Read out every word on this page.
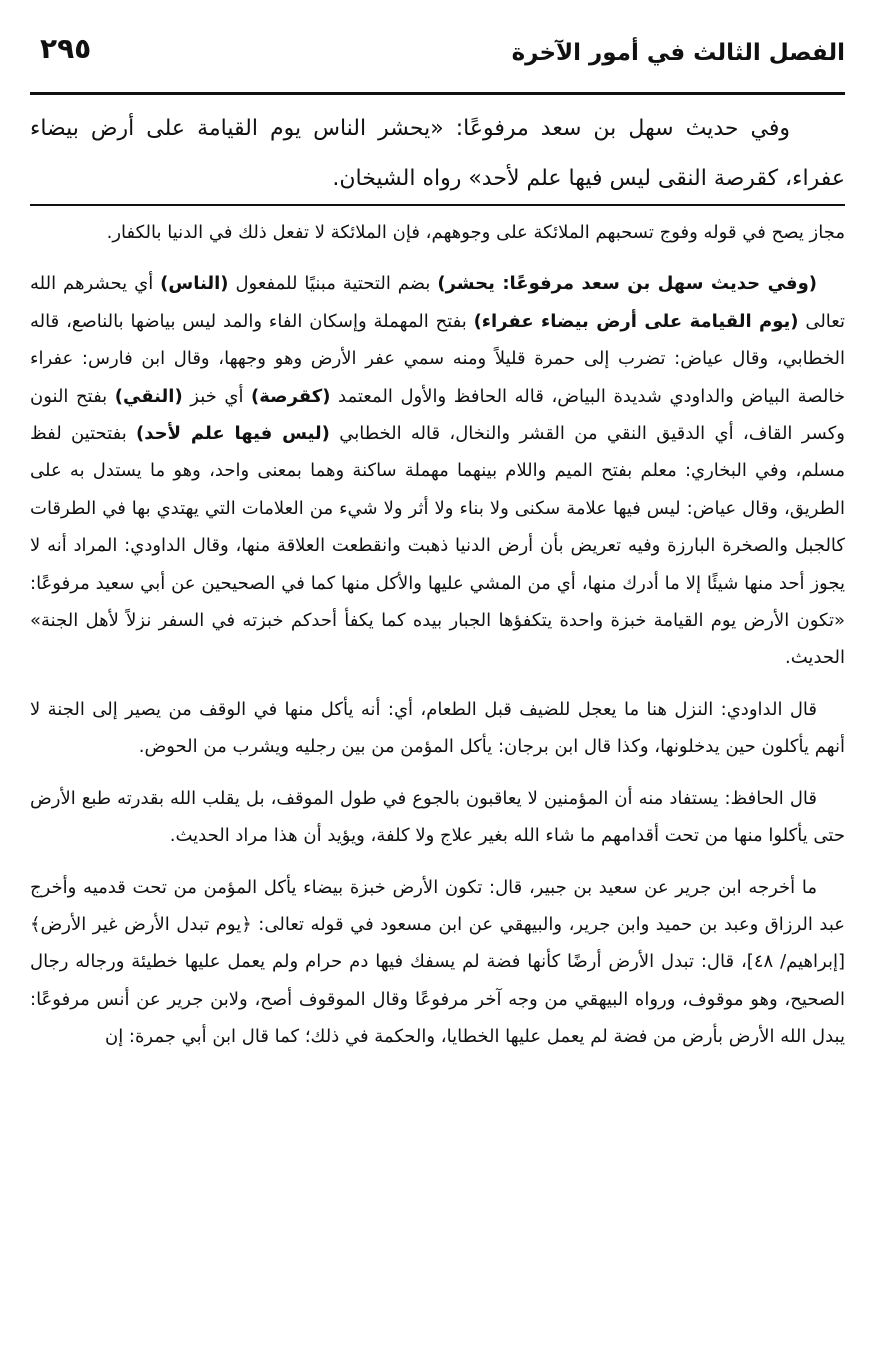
الفصل الثالث في أمور الآخرة
٢٩٥

وفي حديث سهل بن سعد مرفوعًا: «يحشر الناس يوم القيامة على أرض بيضاء عفراء، كقرصة النقى ليس فيها علم لأحد» رواه الشيخان.

مجاز يصح في قوله وفوج تسحبهم الملائكة على وجوههم، فإن الملائكة لا تفعل ذلك في الدنيا بالكفار.

(وفي حديث سهل بن سعد مرفوعًا: يحشر) بضم التحتية مبنيًا للمفعول (الناس) أي يحشرهم الله تعالى (يوم القيامة على أرض بيضاء عفراء) بفتح المهملة وإسكان الفاء والمد ليس بياضها بالناصع، قاله الخطابي، وقال عياض: تضرب إلى حمرة قليلاً ومنه سمي عفر الأرض وهو وجهها، وقال ابن فارس: عفراء خالصة البياض والداودي شديدة البياض، قاله الحافظ والأول المعتمد (كقرصة) أي خبز (النقي) بفتح النون وكسر القاف، أي الدقيق النقي من القشر والنخال، قاله الخطابي (ليس فيها علم لأحد) بفتحتين لفظ مسلم، وفي البخاري: معلم بفتح الميم واللام بينهما مهملة ساكنة وهما بمعنى واحد، وهو ما يستدل به على الطريق، وقال عياض: ليس فيها علامة سكنى ولا بناء ولا أثر ولا شيء من العلامات التي يهتدي بها في الطرقات كالجبل والصخرة البارزة وفيه تعريض بأن أرض الدنيا ذهبت وانقطعت العلاقة منها، وقال الداودي: المراد أنه لا يجوز أحد منها شيئًا إلا ما أدرك منها، أي من المشي عليها والأكل منها كما في الصحيحين عن أبي سعيد مرفوعًا: «تكون الأرض يوم القيامة خبزة واحدة يتكفؤها الجبار بيده كما يكفأ أحدكم خبزته في السفر نزلاً لأهل الجنة» الحديث.

قال الداودي: النزل هنا ما يعجل للضيف قبل الطعام، أي: أنه يأكل منها في الوقف من يصير إلى الجنة لا أنهم يأكلون حين يدخلونها، وكذا قال ابن برجان: يأكل المؤمن من بين رجليه ويشرب من الحوض.

قال الحافظ: يستفاد منه أن المؤمنين لا يعاقبون بالجوع في طول الموقف، بل يقلب الله بقدرته طبع الأرض حتى يأكلوا منها من تحت أقدامهم ما شاء الله بغير علاج ولا كلفة، ويؤيد أن هذا مراد الحديث.

ما أخرجه ابن جرير عن سعيد بن جبير، قال: تكون الأرض خبزة بيضاء يأكل المؤمن من تحت قدميه وأخرج عبد الرزاق وعبد بن حميد وابن جرير، والبيهقي عن ابن مسعود في قوله تعالى: ﴿يوم تبدل الأرض غير الأرض﴾ [إبراهيم/ ٤٨]، قال: تبدل الأرض أرضًا كأنها فضة لم يسفك فيها دم حرام ولم يعمل عليها خطيئة ورجاله رجال الصحيح، وهو موقوف، ورواه البيهقي من وجه آخر مرفوعًا وقال الموقوف أصح، ولابن جرير عن أنس مرفوعًا: يبدل الله الأرض بأرض من فضة لم يعمل عليها الخطايا، والحكمة في ذلك؛ كما قال ابن أبي جمرة: إن
